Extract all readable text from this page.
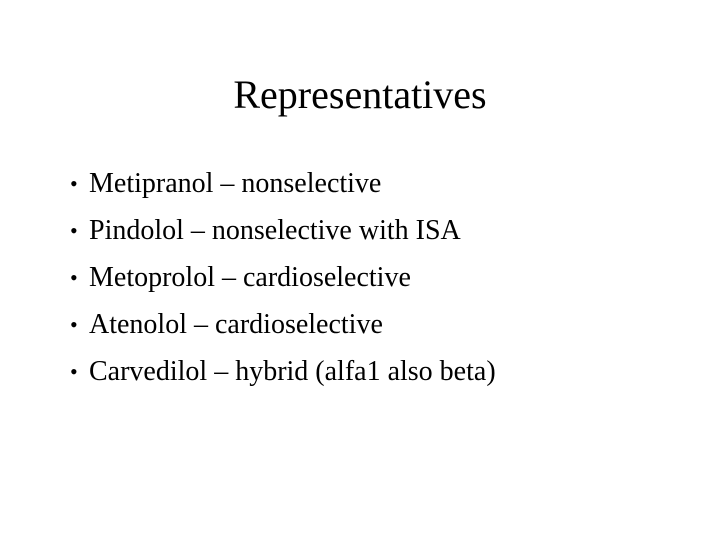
Representatives
• Metipranol – nonselective
• Pindolol – nonselective with ISA
• Metoprolol – cardioselective
• Atenolol – cardioselective
• Carvedilol – hybrid (alfa1 also beta)
